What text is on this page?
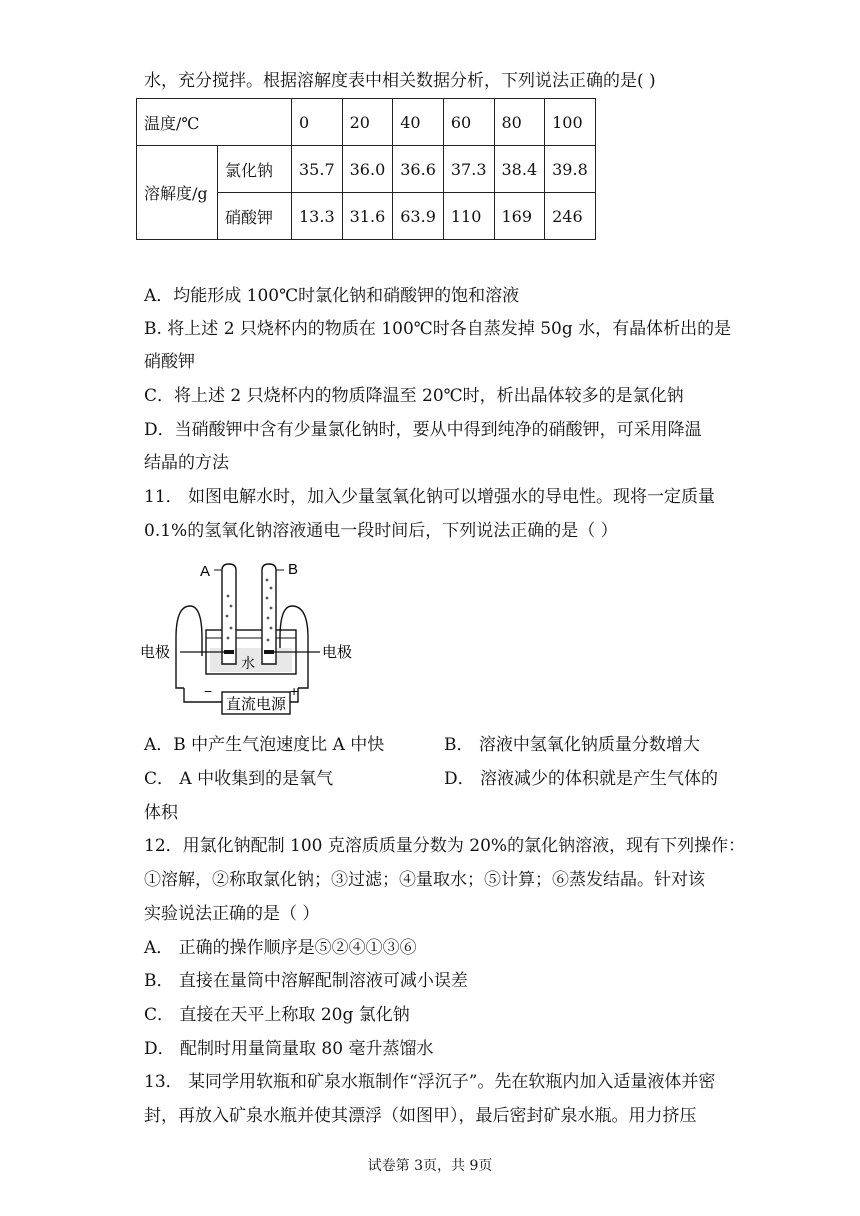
水，充分搅拌。根据溶解度表中相关数据分析，下列说法正确的是( )
温度/℃		0	20	40	60	80	100
溶解度/g	氯化钠	35.7	36.0	36.6	37.3	38.4	39.8
	硝酸钾	13.3	31.6	63.9	110	169	246
A．均能形成 100℃时氯化钠和硝酸钾的饱和溶液
B. 将上述 2 只烧杯内的物质在 100℃时各自蒸发掉 50g 水，有晶体析出的是
硝酸钾
C．将上述 2 只烧杯内的物质降温至 20℃时，析出晶体较多的是氯化钠
D．当硝酸钾中含有少量氯化钠时，要从中得到纯净的硝酸钾，可采用降温
结晶的方法
11． 如图电解水时，加入少量氢氧化钠可以增强水的导电性。现将一定质量
0.1%的氢氧化钠溶液通电一段时间后，下列说法正确的是（ ）
A	B
电极	电极
水
−	+
直流电源
A．B 中产生气泡速度比 A 中快	B． 溶液中氢氧化钠质量分数增大
C． A 中收集到的是氧气	D． 溶液减少的体积就是产生气体的
体积
12．用氯化钠配制 100 克溶质质量分数为 20%的氯化钠溶液，现有下列操作：
①溶解，②称取氯化钠；③过滤；④量取水；⑤计算；⑥蒸发结晶。针对该
实验说法正确的是（ ）
A． 正确的操作顺序是⑤②④①③⑥
B． 直接在量筒中溶解配制溶液可减小误差
C． 直接在天平上称取 20g 氯化钠
D． 配制时用量筒量取 80 毫升蒸馏水
13． 某同学用软瓶和矿泉水瓶制作“浮沉子”。先在软瓶内加入适量液体并密
封，再放入矿泉水瓶并使其漂浮（如图甲），最后密封矿泉水瓶。用力挤压
试卷第 3页，共 9页
